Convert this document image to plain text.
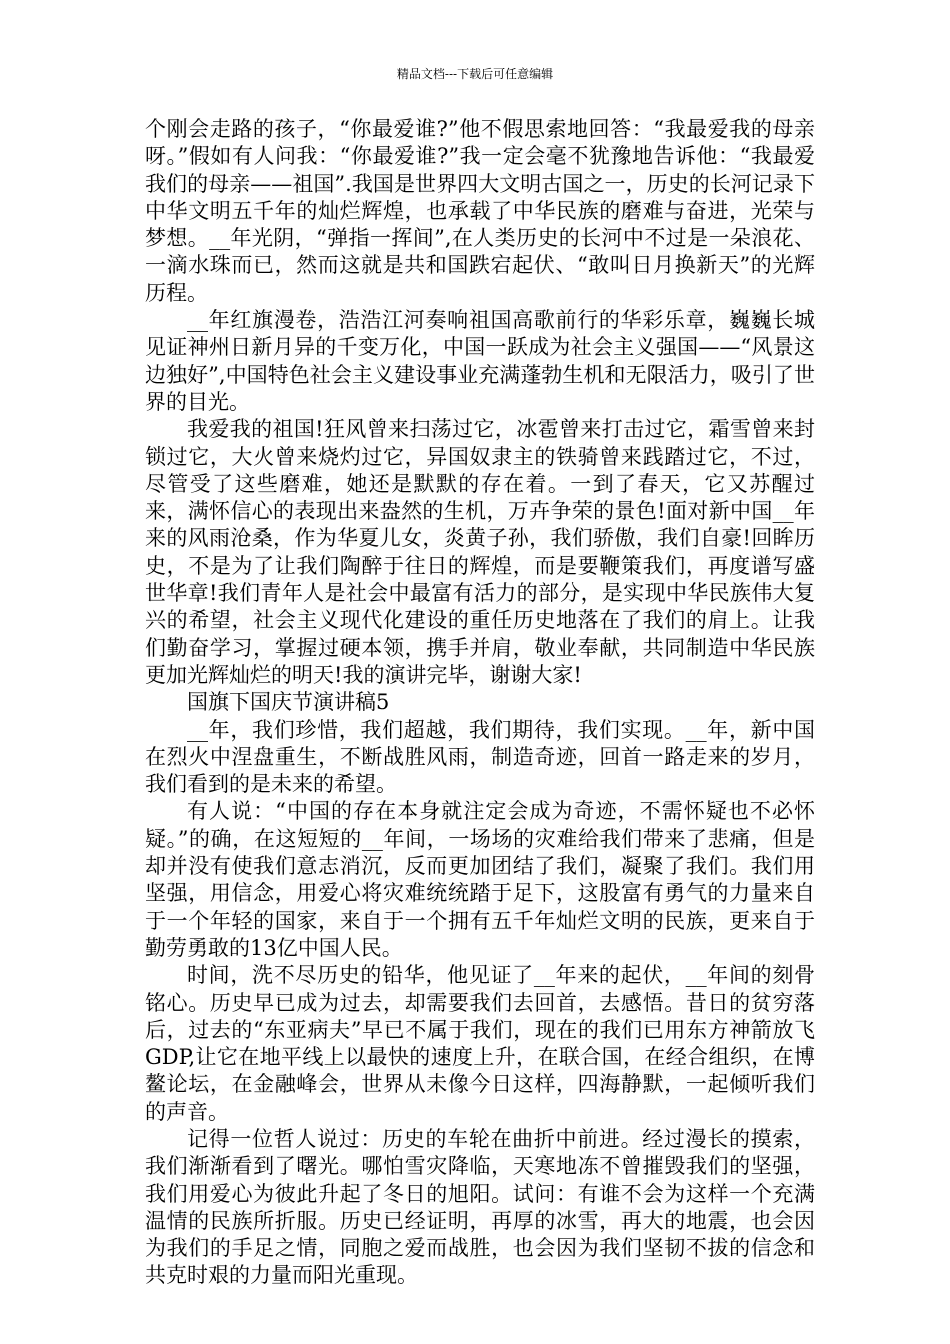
精品文档---下载后可任意编辑

个刚会走路的孩子，“你最爱谁?”他不假思索地回答：“我最爱我的母亲呀。”假如有人问我：“你最爱谁?”我一定会毫不犹豫地告诉他：“我最爱我们的母亲——祖国”.我国是世界四大文明古国之一，历史的长河记录下中华文明五千年的灿烂辉煌，也承载了中华民族的磨难与奋进，光荣与梦想。__年光阴，“弹指一挥间”,在人类历史的长河中不过是一朵浪花、一滴水珠而已，然而这就是共和国跌宕起伏、“敢叫日月换新天”的光辉历程。

__年红旗漫卷，浩浩江河奏响祖国高歌前行的华彩乐章，巍巍长城见证神州日新月异的千变万化，中国一跃成为社会主义强国——“风景这边独好”,中国特色社会主义建设事业充满蓬勃生机和无限活力，吸引了世界的目光。

我爱我的祖国!狂风曾来扫荡过它，冰雹曾来打击过它，霜雪曾来封锁过它，大火曾来烧灼过它，异国奴隶主的铁骑曾来践踏过它，不过，尽管受了这些磨难，她还是默默的存在着。一到了春天，它又苏醒过来，满怀信心的表现出来盎然的生机，万卉争荣的景色!面对新中国__年来的风雨沧桑，作为华夏儿女，炎黄子孙，我们骄傲，我们自豪!回眸历史，不是为了让我们陶醉于往日的辉煌，而是要鞭策我们，再度谱写盛世华章!我们青年人是社会中最富有活力的部分，是实现中华民族伟大复兴的希望，社会主义现代化建设的重任历史地落在了我们的肩上。让我们勤奋学习，掌握过硬本领，携手并肩，敬业奉献，共同制造中华民族更加光辉灿烂的明天!我的演讲完毕，谢谢大家!

国旗下国庆节演讲稿5

__年，我们珍惜，我们超越，我们期待，我们实现。__年，新中国在烈火中涅盘重生，不断战胜风雨，制造奇迹，回首一路走来的岁月，我们看到的是未来的希望。

有人说：“中国的存在本身就注定会成为奇迹，不需怀疑也不必怀疑。”的确，在这短短的__年间，一场场的灾难给我们带来了悲痛，但是却并没有使我们意志消沉，反而更加团结了我们，凝聚了我们。我们用坚强，用信念，用爱心将灾难统统踏于足下，这股富有勇气的力量来自于一个年轻的国家，来自于一个拥有五千年灿烂文明的民族，更来自于勤劳勇敢的13亿中国人民。

时间，洗不尽历史的铅华，他见证了__年来的起伏，__年间的刻骨铭心。历史早已成为过去，却需要我们去回首，去感悟。昔日的贫穷落后，过去的“东亚病夫”早已不属于我们，现在的我们已用东方神箭放飞GDP,让它在地平线上以最快的速度上升，在联合国，在经合组织，在博鳌论坛，在金融峰会，世界从未像今日这样，四海静默，一起倾听我们的声音。

记得一位哲人说过：历史的车轮在曲折中前进。经过漫长的摸索，我们渐渐看到了曙光。哪怕雪灾降临，天寒地冻不曾摧毁我们的坚强，我们用爱心为彼此升起了冬日的旭阳。试问：有谁不会为这样一个充满温情的民族所折服。历史已经证明，再厚的冰雪，再大的地震，也会因为我们的手足之情，同胞之爱而战胜，也会因为我们坚韧不拔的信念和共克时艰的力量而阳光重现。
